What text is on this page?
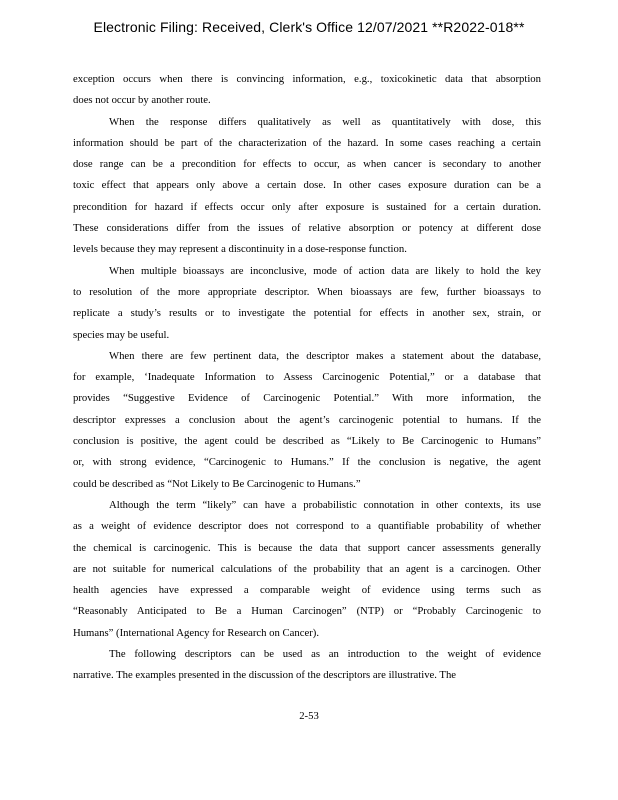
Electronic Filing: Received, Clerk's Office 12/07/2021 **R2022-018**
exception occurs when there is convincing information, e.g., toxicokinetic data that absorption
does not occur by another route.
When the response differs qualitatively as well as quantitatively with dose, this
information should be part of the characterization of the hazard. In some cases reaching a certain
dose range can be a precondition for effects to occur, as when cancer is secondary to another
toxic effect that appears only above a certain dose. In other cases exposure duration can be a
precondition for hazard if effects occur only after exposure is sustained for a certain duration.
These considerations differ from the issues of relative absorption or potency at different dose
levels because they may represent a discontinuity in a dose-response function.
When multiple bioassays are inconclusive, mode of action data are likely to hold the key
to resolution of the more appropriate descriptor. When bioassays are few, further bioassays to
replicate a study’s results or to investigate the potential for effects in another sex, strain, or
species may be useful.
When there are few pertinent data, the descriptor makes a statement about the database,
for example, ‘Inadequate Information to Assess Carcinogenic Potential,” or a database that
provides “Suggestive Evidence of Carcinogenic Potential.” With more information, the
descriptor expresses a conclusion about the agent’s carcinogenic potential to humans. If the
conclusion is positive, the agent could be described as “Likely to Be Carcinogenic to Humans”
or, with strong evidence, “Carcinogenic to Humans.” If the conclusion is negative, the agent
could be described as “Not Likely to Be Carcinogenic to Humans.”
Although the term “likely” can have a probabilistic connotation in other contexts, its use
as a weight of evidence descriptor does not correspond to a quantifiable probability of whether
the chemical is carcinogenic. This is because the data that support cancer assessments generally
are not suitable for numerical calculations of the probability that an agent is a carcinogen. Other
health agencies have expressed a comparable weight of evidence using terms such as
“Reasonably Anticipated to Be a Human Carcinogen” (NTP) or “Probably Carcinogenic to
Humans” (International Agency for Research on Cancer).
The following descriptors can be used as an introduction to the weight of evidence
narrative. The examples presented in the discussion of the descriptors are illustrative. The
2-53
